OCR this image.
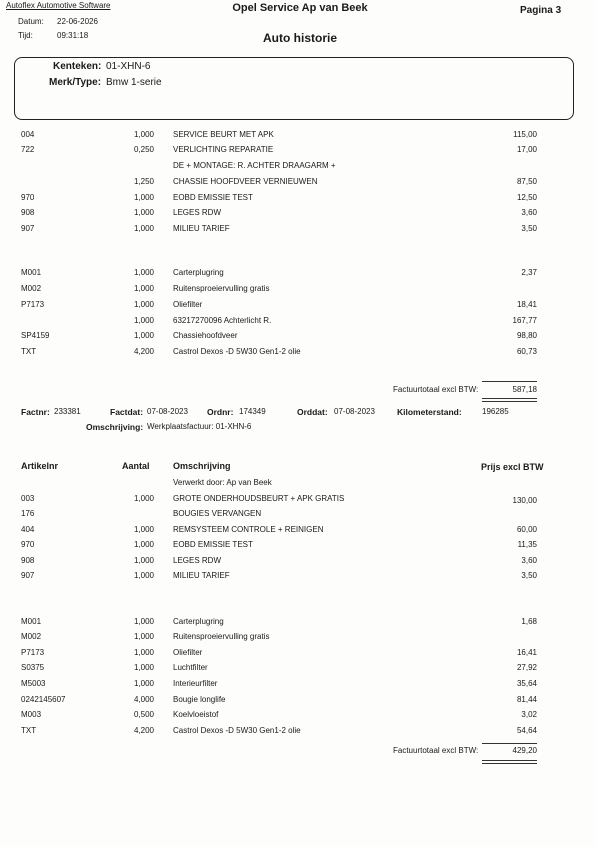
Autoflex Automotive Software	Opel Service Ap van Beek	Pagina 3
Datum: 22-06-2026
Tijd:	09:31:18	Auto historie
Kenteken: 01-XHN-6
Merk/Type: Bmw 1-serie
004	1,000 SERVICE BEURT MET APK	115,00
722	0,250 VERLICHTING REPARATIE	17,00
DE + MONTAGE: R. ACHTER DRAAGARM +
1,250 CHASSIE HOOFDVEER VERNIEUWEN	87,50
970	1,000 EOBD EMISSIE TEST	12,50
908	1,000 LEGES RDW	3,60
907	1,000 MILIEU TARIEF	3,50
M001	1,000 Carterplugring	2,37
M002	1,000 Ruitensproeiervulling gratis
P7173	1,000 Oliefilter	18,41
1,000 63217270096 Achterlicht R.	167,77
SP4159	1,000 Chassiehoofdveer	98,80
TXT	4,200 Castrol Dexos -D 5W30 Gen1-2 olie	60,73
Factuurtotaal excl BTW:	587,18
Factnr: 233381	Factdat: 07-08-2023 Ordnr: 174349	Orddat: 07-08-2023	Kilometerstand:	196285
Omschrijving: Werkplaatsfactuur: 01-XHN-6
Artikelnr	Aantal	Omschrijving	Prijs excl BTW
Verwerkt door: Ap van Beek
003	1,000 GROTE ONDERHOUDSBEURT + APK GRATIS	130,00
176	BOUGIES VERVANGEN
404	1,000 REMSYSTEEM CONTROLE + REINIGEN	60,00
970	1,000 EOBD EMISSIE TEST	11,35
908	1,000 LEGES RDW	3,60
907	1,000 MILIEU TARIEF	3,50
M001	1,000 Carterplugring	1,68
M002	1,000 Ruitensproeiervulling gratis
P7173	1,000 Oliefilter	16,41
S0375	1,000 Luchtfilter	27,92
M5003	1,000 Interieurfilter	35,64
0242145607	4,000 Bougie longlife	81,44
M003	0,500 Koelvloeistof	3,02
TXT	4,200 Castrol Dexos -D 5W30 Gen1-2 olie	54,64
Factuurtotaal excl BTW:	429,20
